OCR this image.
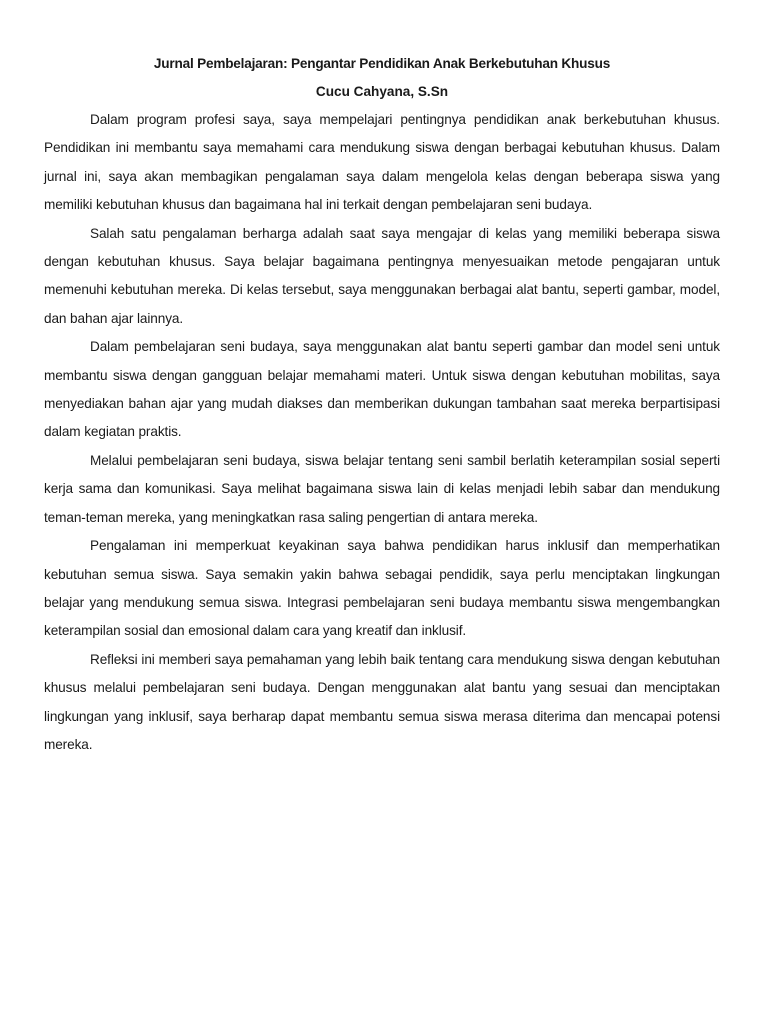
Jurnal Pembelajaran: Pengantar Pendidikan Anak Berkebutuhan Khusus

Cucu Cahyana, S.Sn

Dalam program profesi saya, saya mempelajari pentingnya pendidikan anak berkebutuhan khusus. Pendidikan ini membantu saya memahami cara mendukung siswa dengan berbagai kebutuhan khusus. Dalam jurnal ini, saya akan membagikan pengalaman saya dalam mengelola kelas dengan beberapa siswa yang memiliki kebutuhan khusus dan bagaimana hal ini terkait dengan pembelajaran seni budaya.

Salah satu pengalaman berharga adalah saat saya mengajar di kelas yang memiliki beberapa siswa dengan kebutuhan khusus. Saya belajar bagaimana pentingnya menyesuaikan metode pengajaran untuk memenuhi kebutuhan mereka. Di kelas tersebut, saya menggunakan berbagai alat bantu, seperti gambar, model, dan bahan ajar lainnya.

Dalam pembelajaran seni budaya, saya menggunakan alat bantu seperti gambar dan model seni untuk membantu siswa dengan gangguan belajar memahami materi. Untuk siswa dengan kebutuhan mobilitas, saya menyediakan bahan ajar yang mudah diakses dan memberikan dukungan tambahan saat mereka berpartisipasi dalam kegiatan praktis.

Melalui pembelajaran seni budaya, siswa belajar tentang seni sambil berlatih keterampilan sosial seperti kerja sama dan komunikasi. Saya melihat bagaimana siswa lain di kelas menjadi lebih sabar dan mendukung teman-teman mereka, yang meningkatkan rasa saling pengertian di antara mereka.

Pengalaman ini memperkuat keyakinan saya bahwa pendidikan harus inklusif dan memperhatikan kebutuhan semua siswa. Saya semakin yakin bahwa sebagai pendidik, saya perlu menciptakan lingkungan belajar yang mendukung semua siswa. Integrasi pembelajaran seni budaya membantu siswa mengembangkan keterampilan sosial dan emosional dalam cara yang kreatif dan inklusif.

Refleksi ini memberi saya pemahaman yang lebih baik tentang cara mendukung siswa dengan kebutuhan khusus melalui pembelajaran seni budaya. Dengan menggunakan alat bantu yang sesuai dan menciptakan lingkungan yang inklusif, saya berharap dapat membantu semua siswa merasa diterima dan mencapai potensi mereka.
